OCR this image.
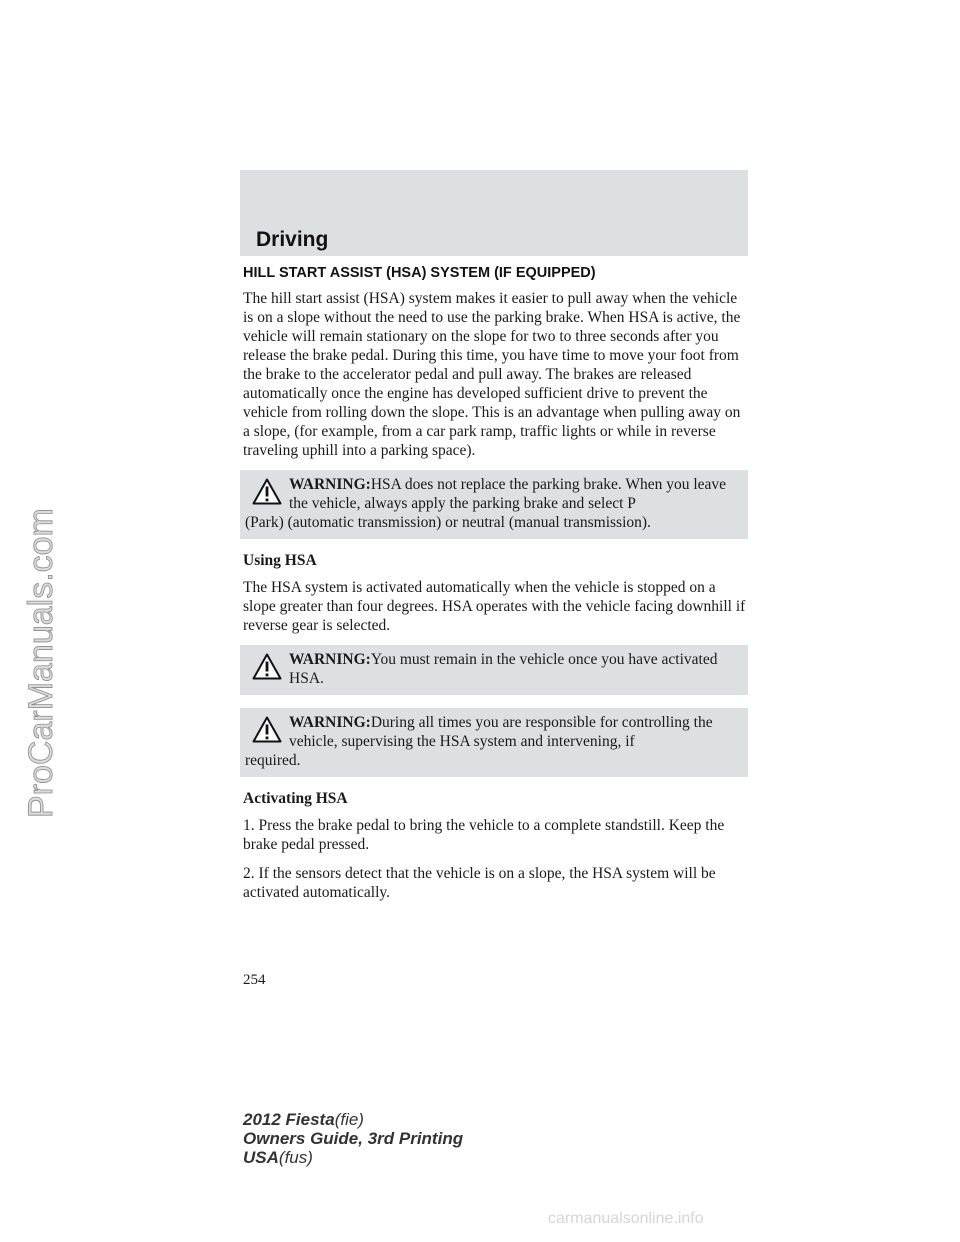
ProCarManuals.com
Driving
HILL START ASSIST (HSA) SYSTEM (IF EQUIPPED)

The hill start assist (HSA) system makes it easier to pull away when the vehicle is on a slope without the need to use the parking brake. When HSA is active, the vehicle will remain stationary on the slope for two to three seconds after you release the brake pedal. During this time, you have time to move your foot from the brake to the accelerator pedal and pull away. The brakes are released automatically once the engine has developed sufficient drive to prevent the vehicle from rolling down the slope. This is an advantage when pulling away on a slope, (for example, from a car park ramp, traffic lights or while in reverse traveling uphill into a parking space).

WARNING:HSA does not replace the parking brake. When you leave the vehicle, always apply the parking brake and select P
(Park) (automatic transmission) or neutral (manual transmission).
Using HSA

The HSA system is activated automatically when the vehicle is stopped on a slope greater than four degrees. HSA operates with the vehicle facing downhill if reverse gear is selected.

WARNING:You must remain in the vehicle once you have activated HSA.
WARNING:During all times you are responsible for controlling the vehicle, supervising the HSA system and intervening, if
required.
Activating HSA

1. Press the brake pedal to bring the vehicle to a complete standstill. Keep the brake pedal pressed.

2. If the sensors detect that the vehicle is on a slope, the HSA system will be activated automatically.

254
2012 Fiesta(fie)
Owners Guide, 3rd Printing
USA(fus)
carmanualsonline.info
